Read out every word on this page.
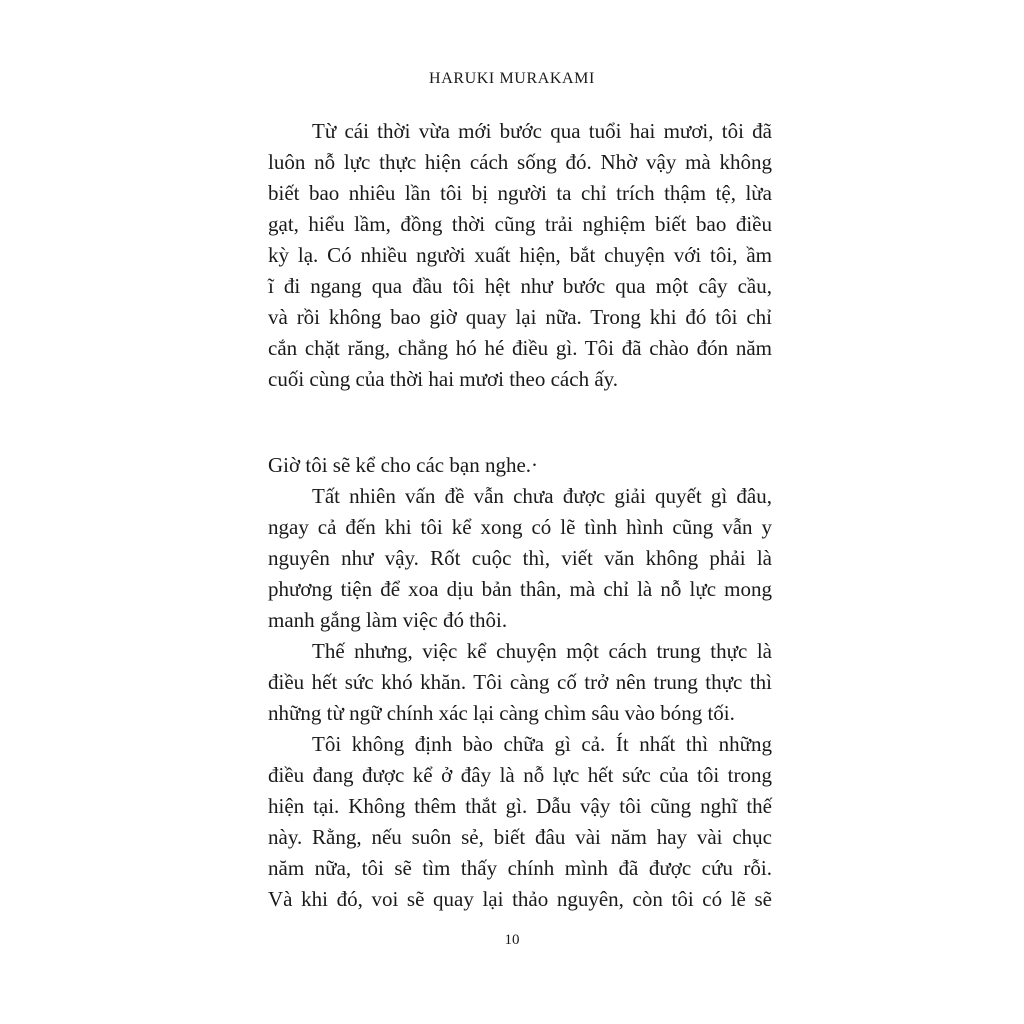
HARUKI MURAKAMI
Từ cái thời vừa mới bước qua tuổi hai mươi, tôi đã
luôn nỗ lực thực hiện cách sống đó. Nhờ vậy mà không
biết bao nhiêu lần tôi bị người ta chỉ trích thậm tệ, lừa
gạt, hiểu lầm, đồng thời cũng trải nghiệm biết bao điều
kỳ lạ. Có nhiều người xuất hiện, bắt chuyện với tôi, ầm
ĩ đi ngang qua đầu tôi hệt như bước qua một cây cầu,
và rồi không bao giờ quay lại nữa. Trong khi đó tôi chỉ
cắn chặt răng, chẳng hó hé điều gì. Tôi đã chào đón năm
cuối cùng của thời hai mươi theo cách ấy.
Giờ tôi sẽ kể cho các bạn nghe.·
Tất nhiên vấn đề vẫn chưa được giải quyết gì đâu,
ngay cả đến khi tôi kể xong có lẽ tình hình cũng vẫn y
nguyên như vậy. Rốt cuộc thì, viết văn không phải là
phương tiện để xoa dịu bản thân, mà chỉ là nỗ lực mong
manh gắng làm việc đó thôi.
Thế nhưng, việc kể chuyện một cách trung thực là
điều hết sức khó khăn. Tôi càng cố trở nên trung thực thì
những từ ngữ chính xác lại càng chìm sâu vào bóng tối.
Tôi không định bào chữa gì cả. Ít nhất thì những
điều đang được kể ở đây là nỗ lực hết sức của tôi trong
hiện tại. Không thêm thắt gì. Dẫu vậy tôi cũng nghĩ thế
này. Rằng, nếu suôn sẻ, biết đâu vài năm hay vài chục
năm nữa, tôi sẽ tìm thấy chính mình đã được cứu rỗi.
Và khi đó, voi sẽ quay lại thảo nguyên, còn tôi có lẽ sẽ
10
